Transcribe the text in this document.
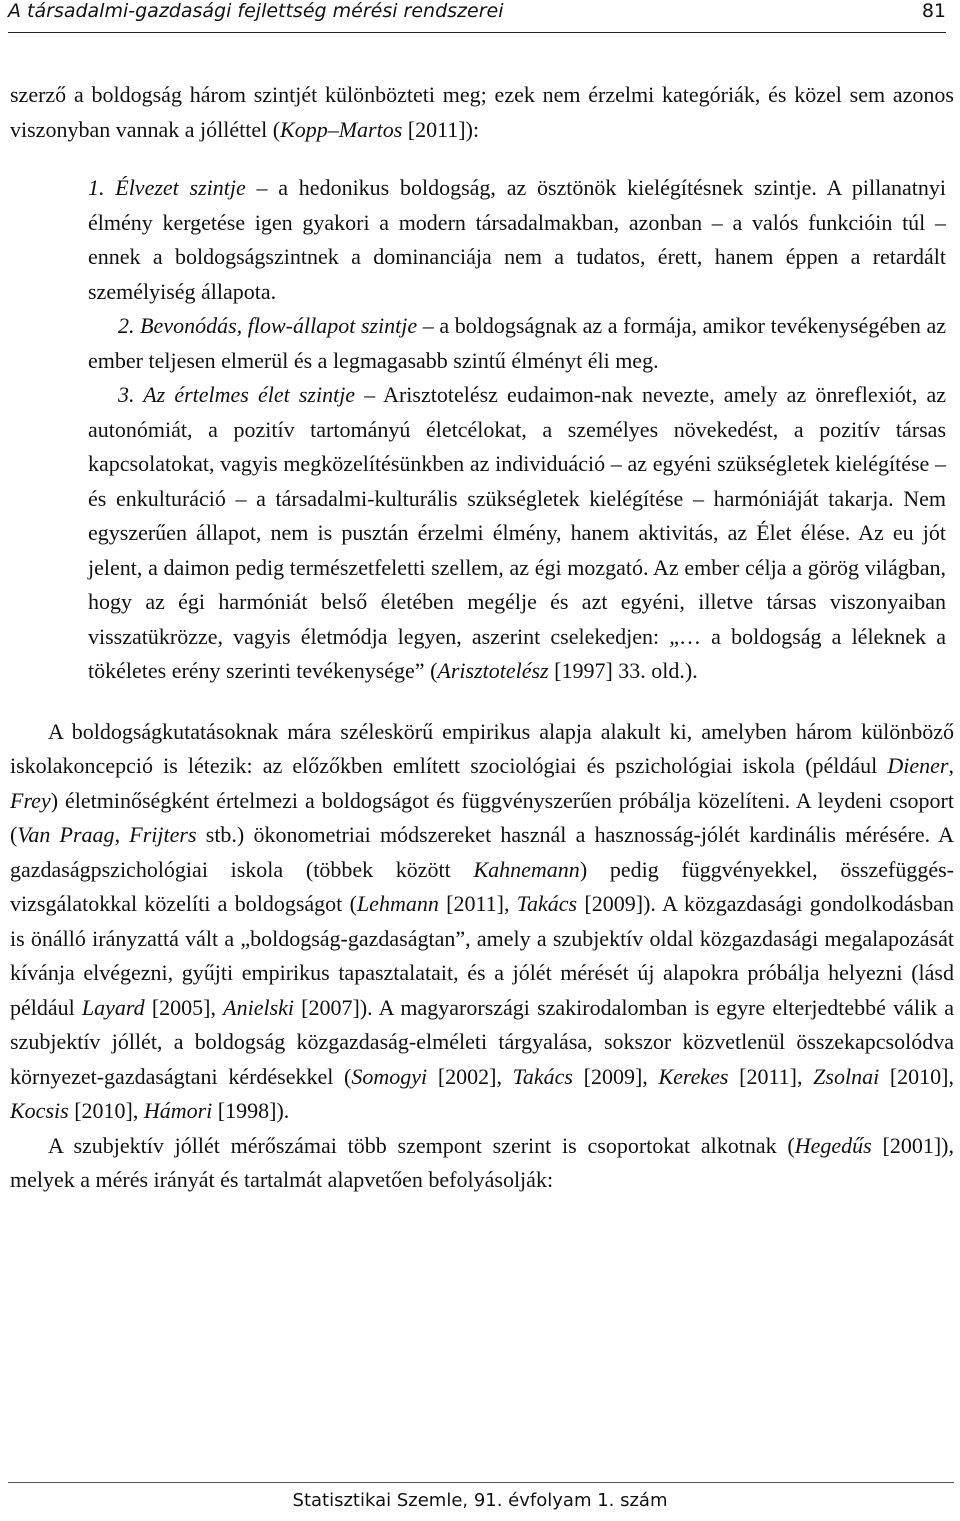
A társadalmi-gazdasági fejlettség mérési rendszerei	81

szerző a boldogság három szintjét különbözteti meg; ezek nem érzelmi kategóriák, és közel sem azonos viszonyban vannak a jólléttel (Kopp–Martos [2011]):

1. Élvezet szintje – a hedonikus boldogság, az ösztönök kielégítésnek szintje. A pillanatnyi élmény kergetése igen gyakori a modern társadalmakban, azonban – a valós funkcióin túl – ennek a boldogságszintnek a dominanciája nem a tudatos, érett, hanem éppen a retardált személyiség állapota.

2. Bevonódás, flow-állapot szintje – a boldogságnak az a formája, amikor tevékenységében az ember teljesen elmerül és a legmagasabb szintű élményt éli meg.

3. Az értelmes élet szintje – Arisztotelész eudaimon-nak nevezte, amely az önreflexiót, az autonómiát, a pozitív tartományú életcélokat, a személyes növekedést, a pozitív társas kapcsolatokat, vagyis megközelítésünkben az individuáció – az egyéni szükségletek kielégítése – és enkulturáció – a társadalmi-kulturális szükségletek kielégítése – harmóniáját takarja. Nem egyszerűen állapot, nem is pusztán érzelmi élmény, hanem aktivitás, az Élet élése. Az eu jót jelent, a daimon pedig természetfeletti szellem, az égi mozgató. Az ember célja a görög világban, hogy az égi harmóniát belső életében megélje és azt egyéni, illetve társas viszonyaiban visszatükrözze, vagyis életmódja legyen, aszerint cselekedjen: „… a boldogság a léleknek a tökéletes erény szerinti tevékenysége” (Arisztotelész [1997] 33. old.).

A boldogságkutatásoknak mára széleskörű empirikus alapja alakult ki, amelyben három különböző iskolakoncepció is létezik: az előzőkben említett szociológiai és pszichológiai iskola (például Diener, Frey) életminőségként értelmezi a boldogságot és függvényszerűen próbálja közelíteni. A leydeni csoport (Van Praag, Frijters stb.) ökonometriai módszereket használ a hasznosság-jólét kardinális mérésére. A gazdaságpszichológiai iskola (többek között Kahnemann) pedig függvényekkel, összefüggés-vizsgálatokkal közelíti a boldogságot (Lehmann [2011], Takács [2009]). A közgazdasági gondolkodásban is önálló irányzattá vált a „boldogság-gazdaságtan”, amely a szubjektív oldal közgazdasági megalapozását kívánja elvégezni, gyűjti empirikus tapasztalatait, és a jólét mérését új alapokra próbálja helyezni (lásd például Layard [2005], Anielski [2007]). A magyarországi szakirodalomban is egyre elterjedtebbé válik a szubjektív jóllét, a boldogság közgazdaság-elméleti tárgyalása, sokszor közvetlenül összekapcsolódva környezet-gazdaságtani kérdésekkel (Somogyi [2002], Takács [2009], Kerekes [2011], Zsolnai [2010], Kocsis [2010], Hámori [1998]).

A szubjektív jóllét mérőszámai több szempont szerint is csoportokat alkotnak (Hegedűs [2001]), melyek a mérés irányát és tartalmát alapvetően befolyásolják:

Statisztikai Szemle, 91. évfolyam 1. szám
